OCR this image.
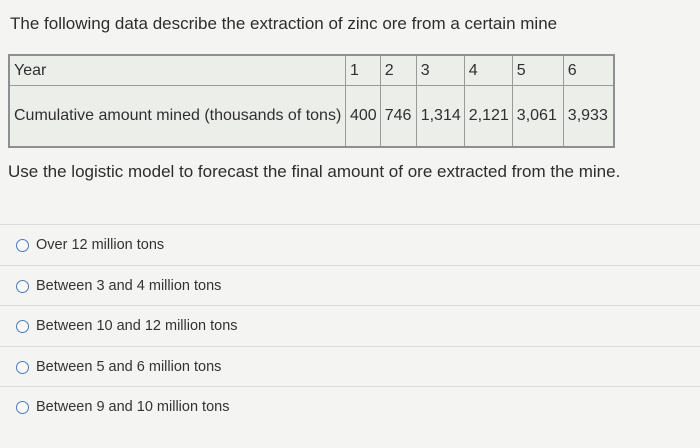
The following data describe the extraction of zinc ore from a certain mine
Year	1	2	3	4	5	6
Cumulative amount mined (thousands of tons)	400	746	1,314	2,121	3,061	3,933
Use the logistic model to forecast the final amount of ore extracted from the mine.
Over 12 million tons
Between 3 and 4 million tons
Between 10 and 12 million tons
Between 5 and 6 million tons
Between 9 and 10 million tons
